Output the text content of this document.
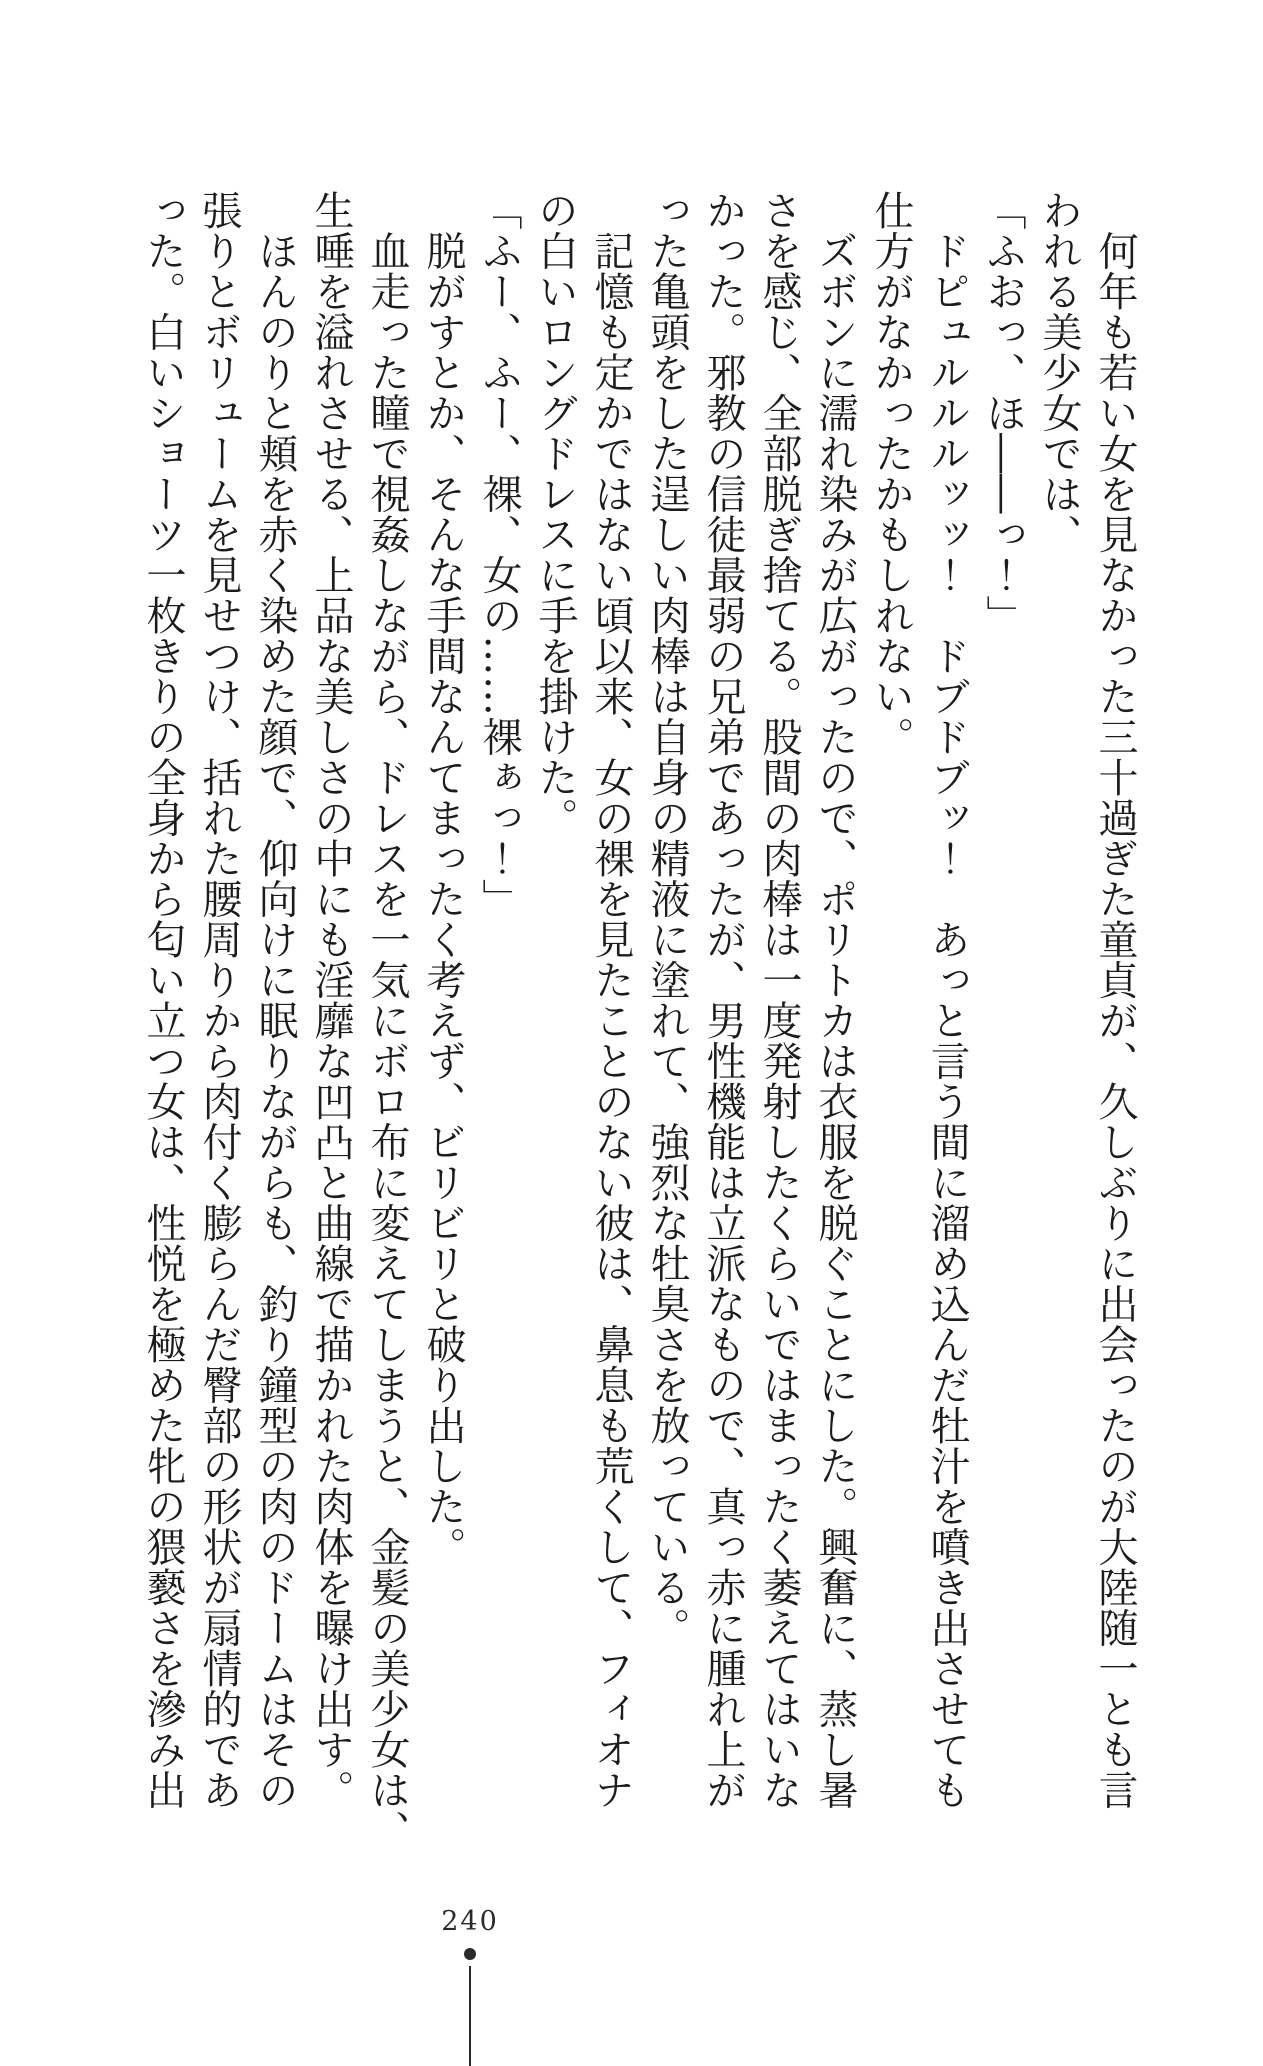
　何年も若い女を見なかった三十過ぎた童貞が、久しぶりに出会ったのが大陸随一とも言
われる美少女では、
「ふおっ、ほ――っ！」
　ドピュルルルッッ！　ドブドブッ！　あっと言う間に溜め込んだ牡汁を噴き出させても
仕方がなかったかもしれない。
　ズボンに濡れ染みが広がったので、ポリトカは衣服を脱ぐことにした。興奮に、蒸し暑
さを感じ、全部脱ぎ捨てる。股間の肉棒は一度発射したくらいではまったく萎えてはいな
かった。邪教の信徒最弱の兄弟であったが、男性機能は立派なもので、真っ赤に腫れ上が
った亀頭をした逞しい肉棒は自身の精液に塗れて、強烈な牡臭さを放っている。
　記憶も定かではない頃以来、女の裸を見たことのない彼は、鼻息も荒くして、フィオナ
の白いロングドレスに手を掛けた。
「ふー、ふー、裸、女の……裸ぁっ！」
　脱がすとか、そんな手間なんてまったく考えず、ビリビリと破り出した。
　血走った瞳で視姦しながら、ドレスを一気にボロ布に変えてしまうと、金髪の美少女は、
生唾を溢れさせる、上品な美しさの中にも淫靡な凹凸と曲線で描かれた肉体を曝け出す。
　ほんのりと頬を赤く染めた顔で、仰向けに眠りながらも、釣り鐘型の肉のドームはその
張りとボリュームを見せつけ、括れた腰周りから肉付く膨らんだ臀部の形状が扇情的であ
った。白いショーツ一枚きりの全身から匂い立つ女は、性悦を極めた牝の猥褻さを滲み出
240
